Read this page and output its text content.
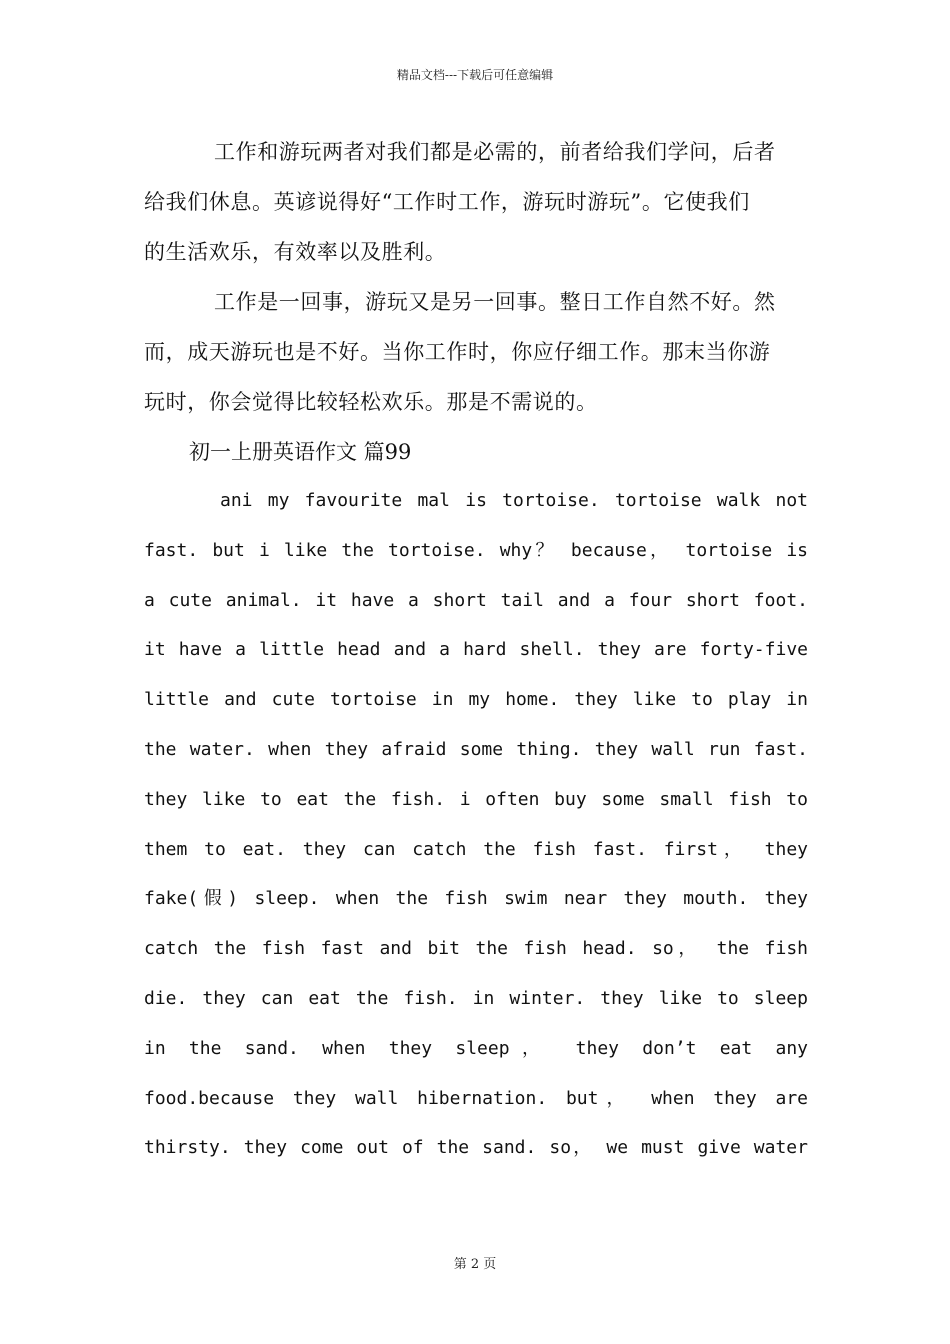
精品文档---下载后可任意编辑
工作和游玩两者对我们都是必需的，前者给我们学问，后者
给我们休息。英谚说得好“工作时工作，游玩时游玩”。它使我们
的生活欢乐，有效率以及胜利。
工作是一回事，游玩又是另一回事。整日工作自然不好。然
而，成天游玩也是不好。当你工作时，你应仔细工作。那末当你游
玩时，你会觉得比较轻松欢乐。那是不需说的。
初一上册英语作文 篇99
ani my favourite mal is tortoise. tortoise walk not
fast. but i like the tortoise. why？ because， tortoise is
a cute animal. it have a short tail and a four short foot.
it have a little head and a hard shell. they are forty-five
little and cute tortoise in my home. they like to play in
the water. when they afraid some thing. they wall run fast.
they like to eat the fish. i often buy some small fish to
them to eat. they can catch the fish fast. first， they
fake(假) sleep. when the fish swim near they mouth. they
catch the fish fast and bit the fish head. so， the fish
die. they can eat the fish. in winter. they like to sleep
in the sand. when they sleep， they don’t eat any
food.because they wall hibernation. but， when they are
thirsty. they come out of the sand. so， we must give water
第 2 页
